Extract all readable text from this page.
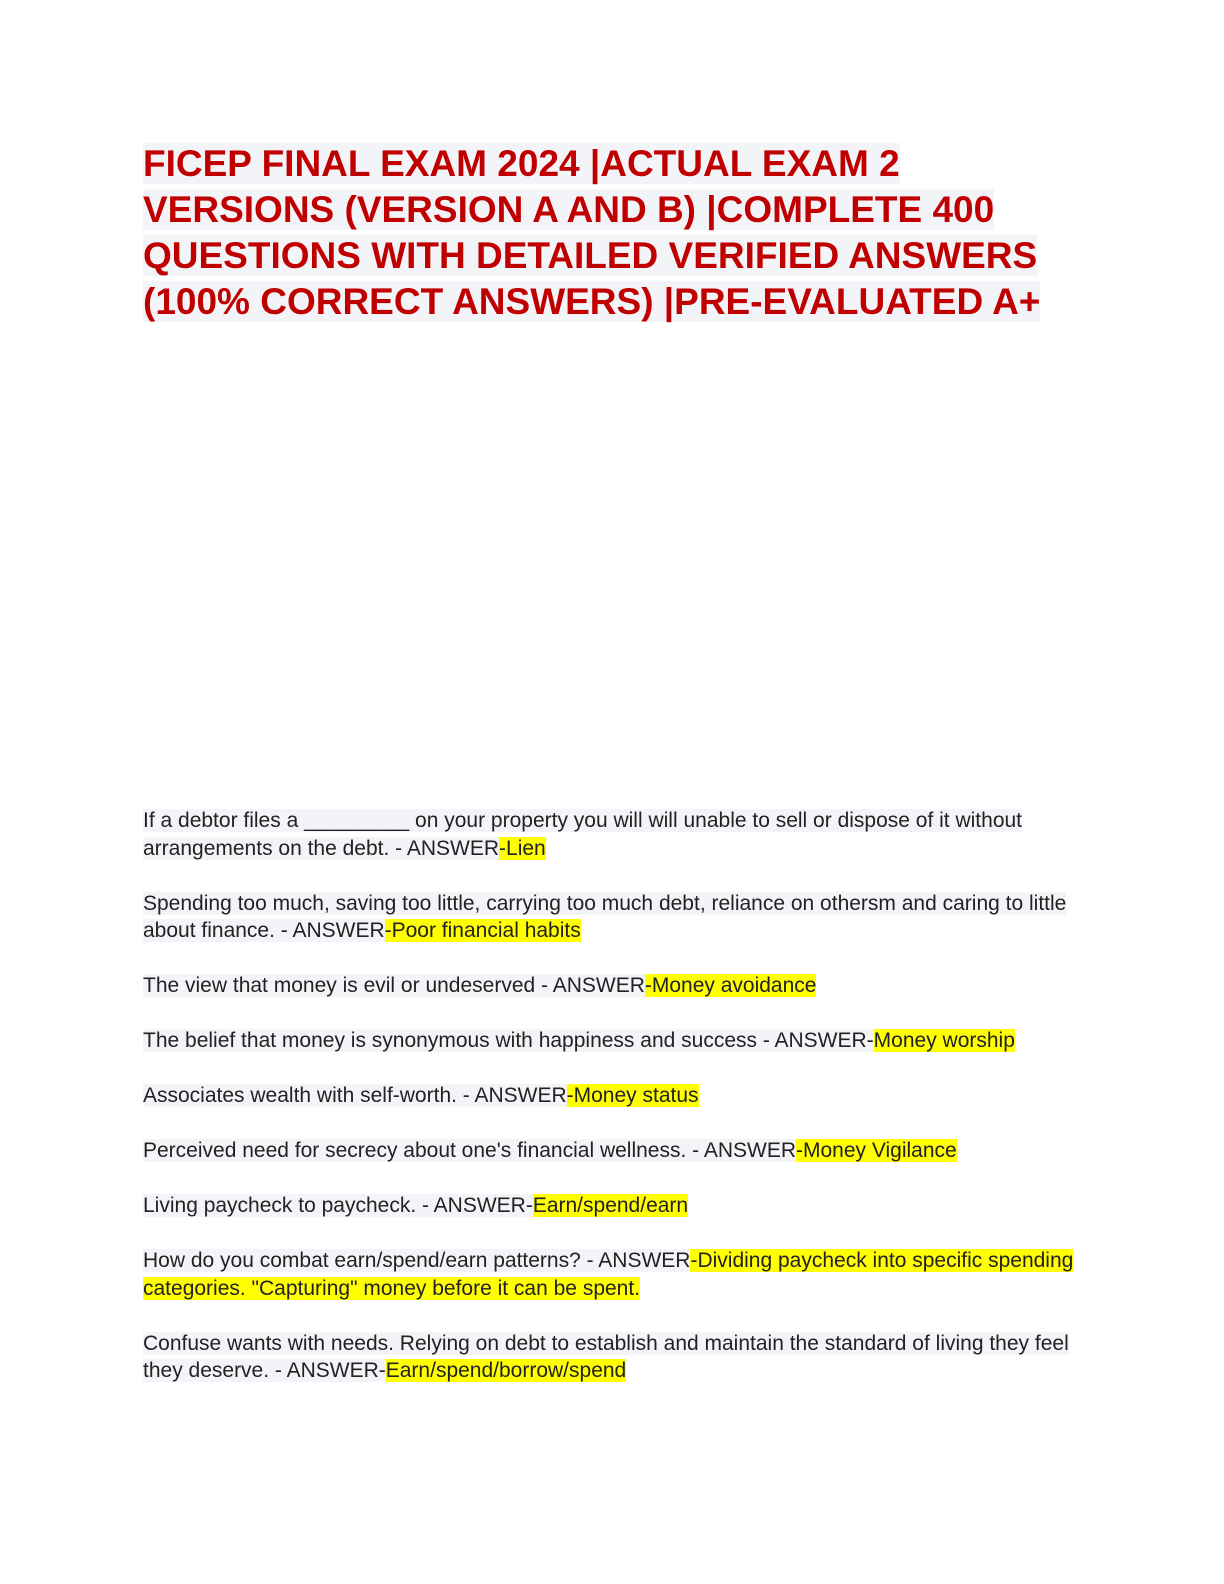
FICEP FINAL EXAM 2024 |ACTUAL EXAM 2 VERSIONS (VERSION A AND B) |COMPLETE 400 QUESTIONS WITH DETAILED VERIFIED ANSWERS (100% CORRECT ANSWERS) |PRE-EVALUATED A+

If a debtor files a _________ on your property you will will unable to sell or dispose of it without arrangements on the debt. - ANSWER-Lien

Spending too much, saving too little, carrying too much debt, reliance on othersm and caring to little about finance. - ANSWER-Poor financial habits

The view that money is evil or undeserved - ANSWER-Money avoidance

The belief that money is synonymous with happiness and success - ANSWER-Money worship

Associates wealth with self-worth. - ANSWER-Money status

Perceived need for secrecy about one's financial wellness. - ANSWER-Money Vigilance

Living paycheck to paycheck. - ANSWER-Earn/spend/earn

How do you combat earn/spend/earn patterns? - ANSWER-Dividing paycheck into specific spending categories. "Capturing" money before it can be spent.

Confuse wants with needs. Relying on debt to establish and maintain the standard of living they feel they deserve. - ANSWER-Earn/spend/borrow/spend
